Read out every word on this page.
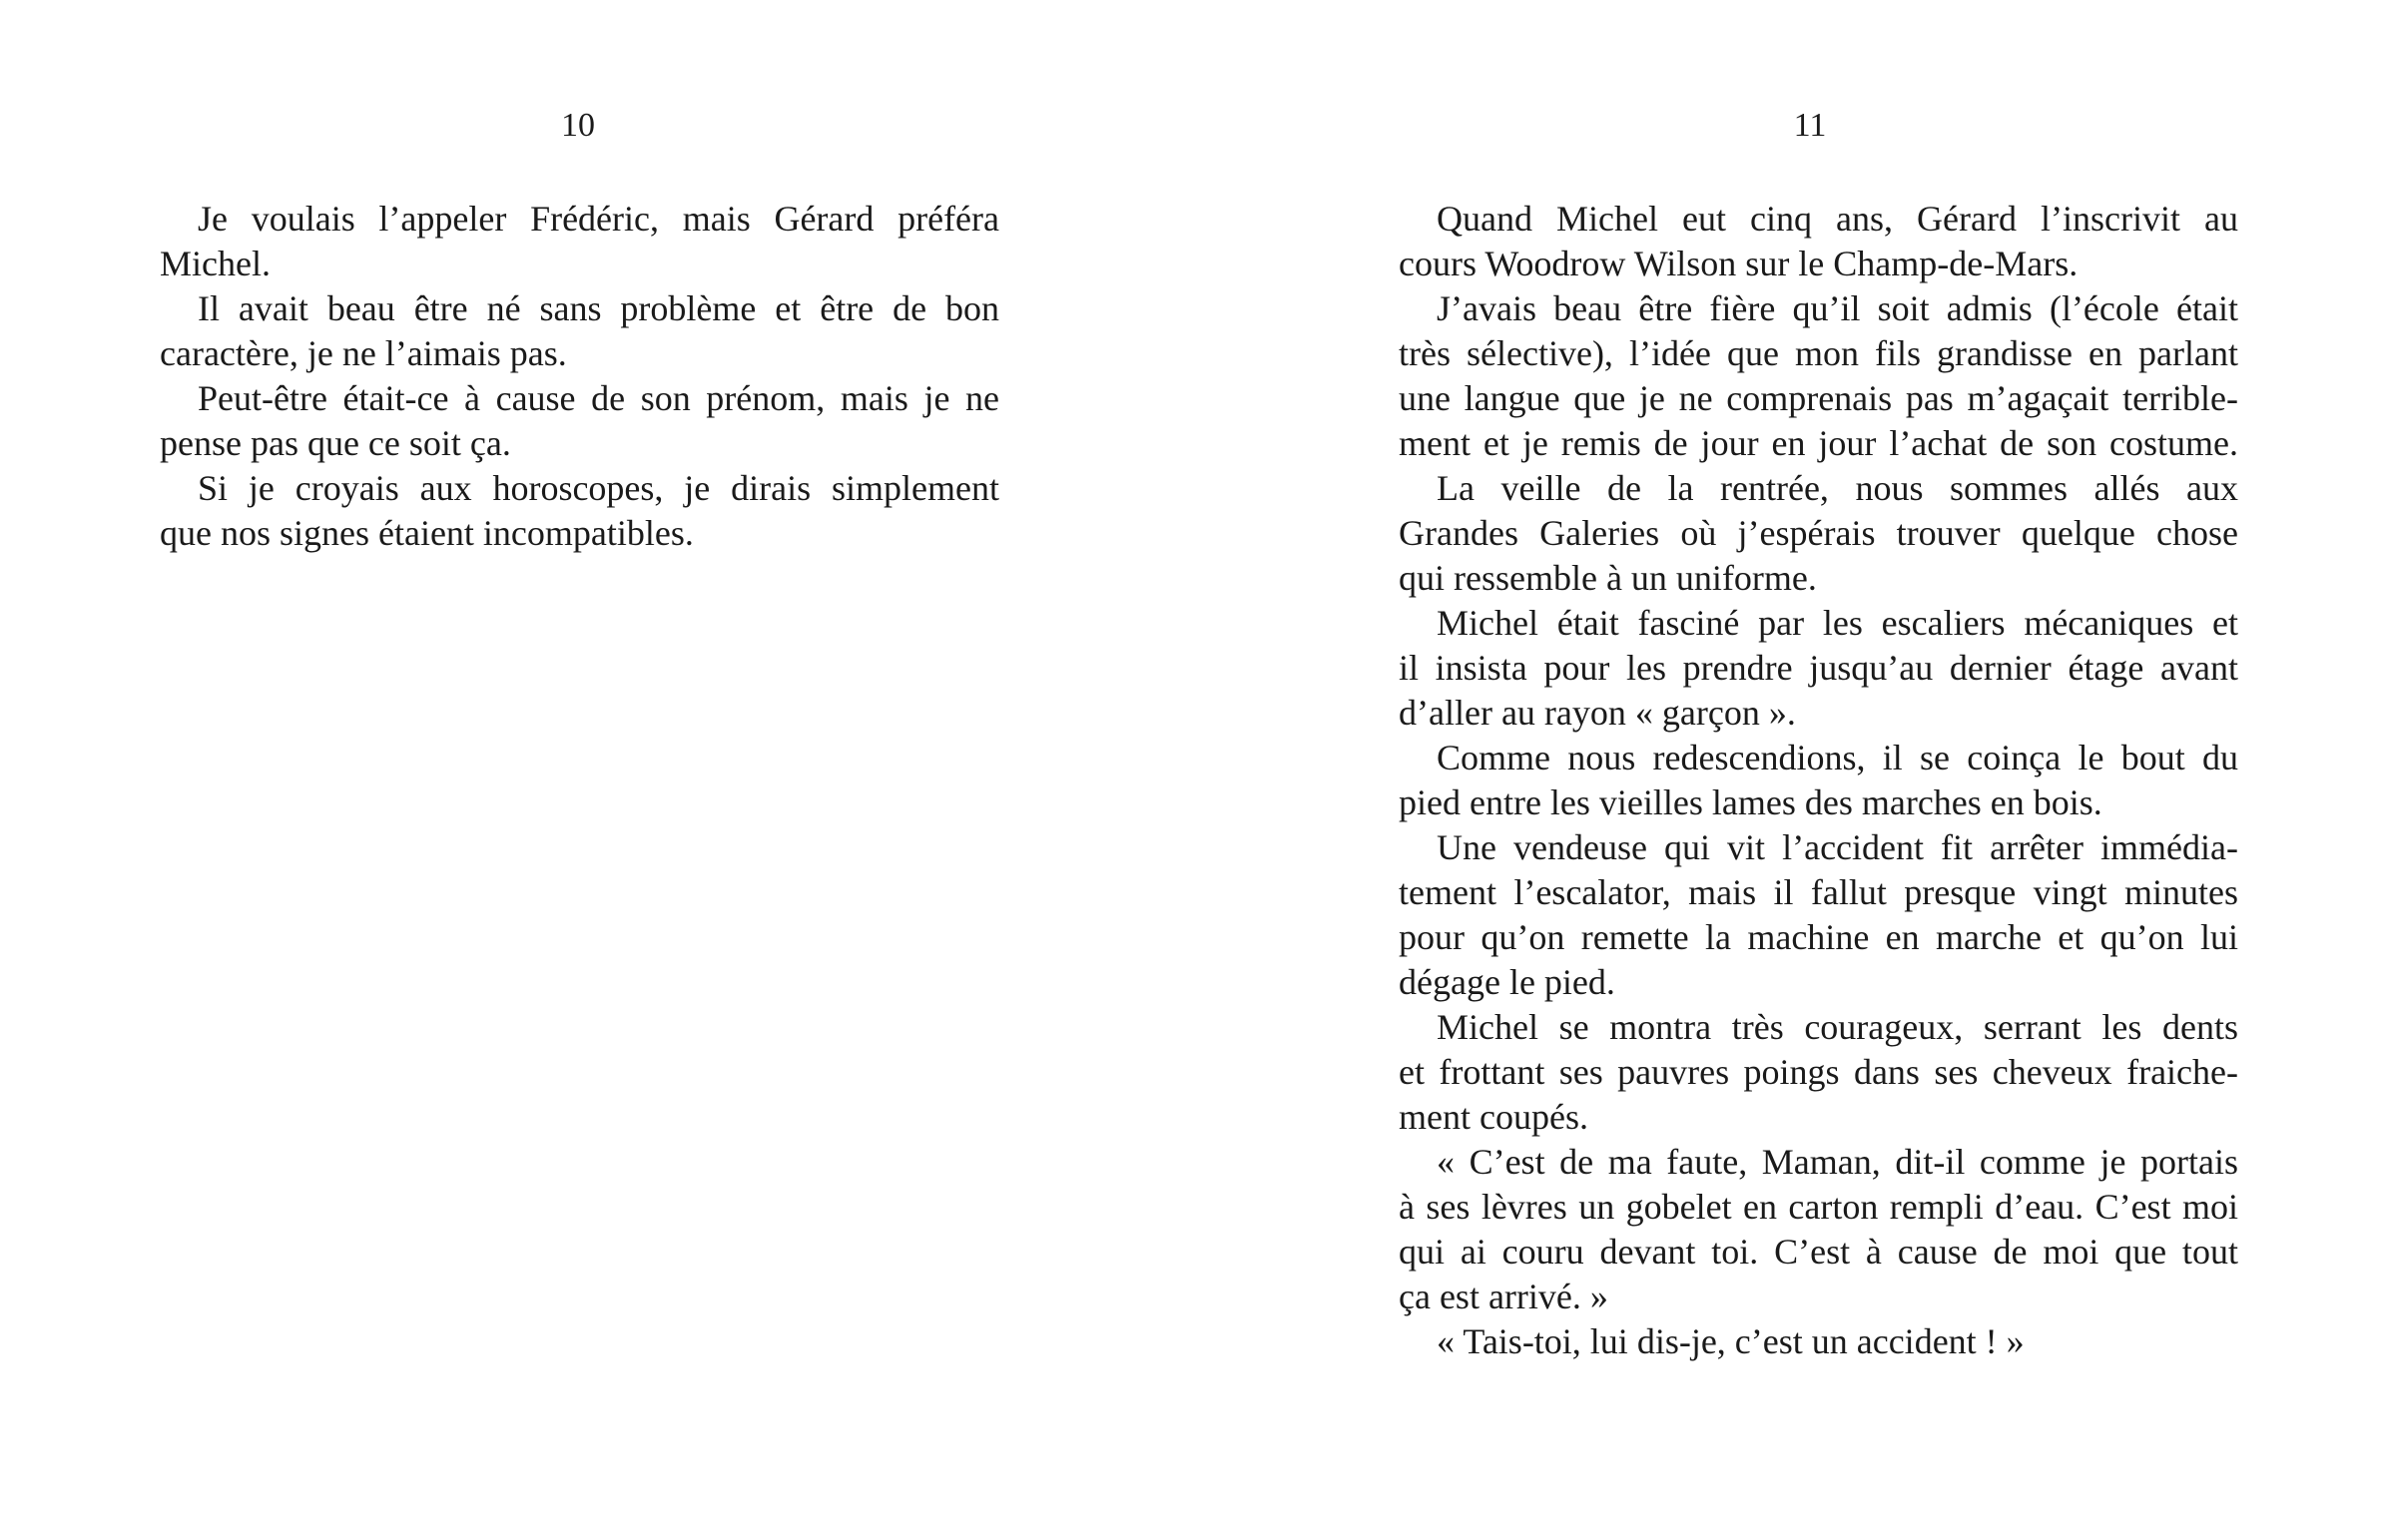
10
Je voulais l’appeler Frédéric, mais Gérard préféra
Michel.
Il avait beau être né sans problème et être de bon
caractère, je ne l’aimais pas.
Peut-être était-ce à cause de son prénom, mais je ne
pense pas que ce soit ça.
Si je croyais aux horoscopes, je dirais simplement
que nos signes étaient incompatibles.
11
Quand Michel eut cinq ans, Gérard l’inscrivit au
cours Woodrow Wilson sur le Champ-de-Mars.
J’avais beau être fière qu’il soit admis (l’école était
très sélective), l’idée que mon fils grandisse en parlant
une langue que je ne comprenais pas m’agaçait terrible-
ment et je remis de jour en jour l’achat de son costume.
La veille de la rentrée, nous sommes allés aux
Grandes Galeries où j’espérais trouver quelque chose
qui ressemble à un uniforme.
Michel était fasciné par les escaliers mécaniques et
il insista pour les prendre jusqu’au dernier étage avant
d’aller au rayon « garçon ».
Comme nous redescendions, il se coinça le bout du
pied entre les vieilles lames des marches en bois.
Une vendeuse qui vit l’accident fit arrêter immédia-
tement l’escalator, mais il fallut presque vingt minutes
pour qu’on remette la machine en marche et qu’on lui
dégage le pied.
Michel se montra très courageux, serrant les dents
et frottant ses pauvres poings dans ses cheveux fraiche-
ment coupés.
« C’est de ma faute, Maman, dit-il comme je portais
à ses lèvres un gobelet en carton rempli d’eau. C’est moi
qui ai couru devant toi. C’est à cause de moi que tout
ça est arrivé. »
« Tais-toi, lui dis-je, c’est un accident ! »
